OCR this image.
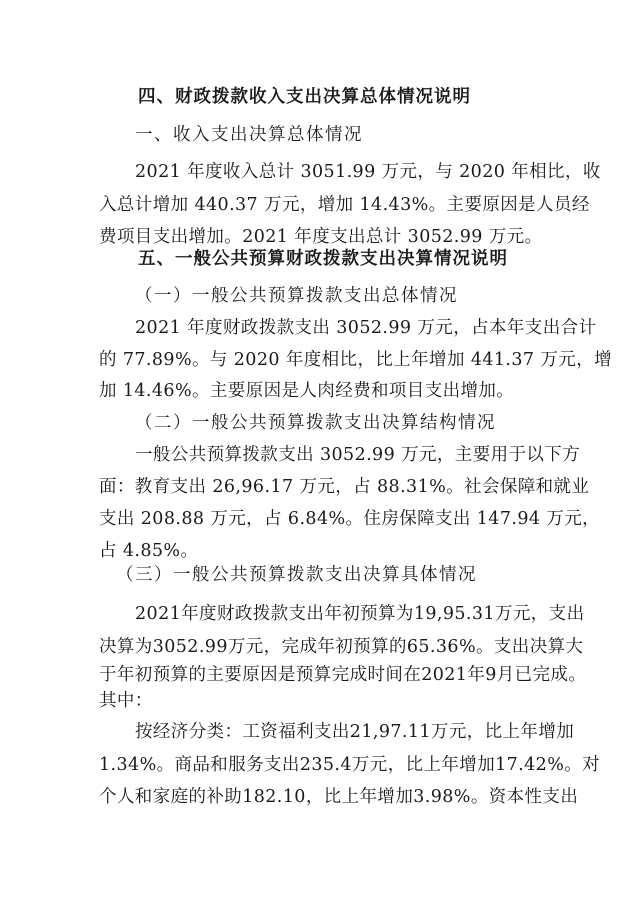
四、财政拨款收入支出决算总体情况说明
一、收入支出决算总体情况
2021 年度收入总计 3051.99 万元，与 2020 年相比，收
入总计增加 440.37 万元，增加 14.43%。主要原因是人员经
费项目支出增加。2021 年度支出总计 3052.99 万元。
五、一般公共预算财政拨款支出决算情况说明
（一）一般公共预算拨款支出总体情况
2021 年度财政拨款支出 3052.99 万元，占本年支出合计
的 77.89%。与 2020 年度相比，比上年增加 441.37 万元，增
加 14.46%。主要原因是人肉经费和项目支出增加。
（二）一般公共预算拨款支出决算结构情况
一般公共预算拨款支出 3052.99 万元，主要用于以下方
面：教育支出 26,96.17 万元，占 88.31%。社会保障和就业
支出 208.88 万元，占 6.84%。住房保障支出 147.94 万元，
占 4.85%。
（三）一般公共预算拨款支出决算具体情况
2021年度财政拨款支出年初预算为19,95.31万元，支出
决算为3052.99万元，完成年初预算的65.36%。支出决算大
于年初预算的主要原因是预算完成时间在2021年9月已完成。
其中：
按经济分类：工资福利支出21,97.11万元，比上年增加
1.34%。商品和服务支出235.4万元，比上年增加17.42%。对
个人和家庭的补助182.10，比上年增加3.98%。资本性支出
